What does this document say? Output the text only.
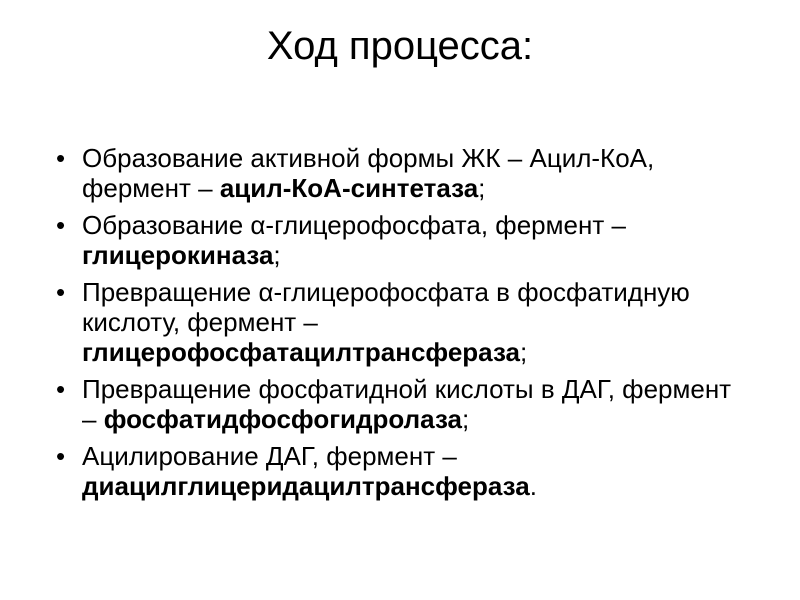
Ход процесса:
• Образование активной формы ЖК – Ацил-КоА, фермент – ацил-КоА-синтетаза;
• Образование α-глицерофосфата, фермент – глицерокиназа;
• Превращение α-глицерофосфата в фосфатидную кислоту, фермент – глицерофосфатацилтрансфераза;
• Превращение фосфатидной кислоты в ДАГ, фермент – фосфатидфосфогидролаза;
• Ацилирование ДАГ, фермент – диацилглицеридацилтрансфераза.
